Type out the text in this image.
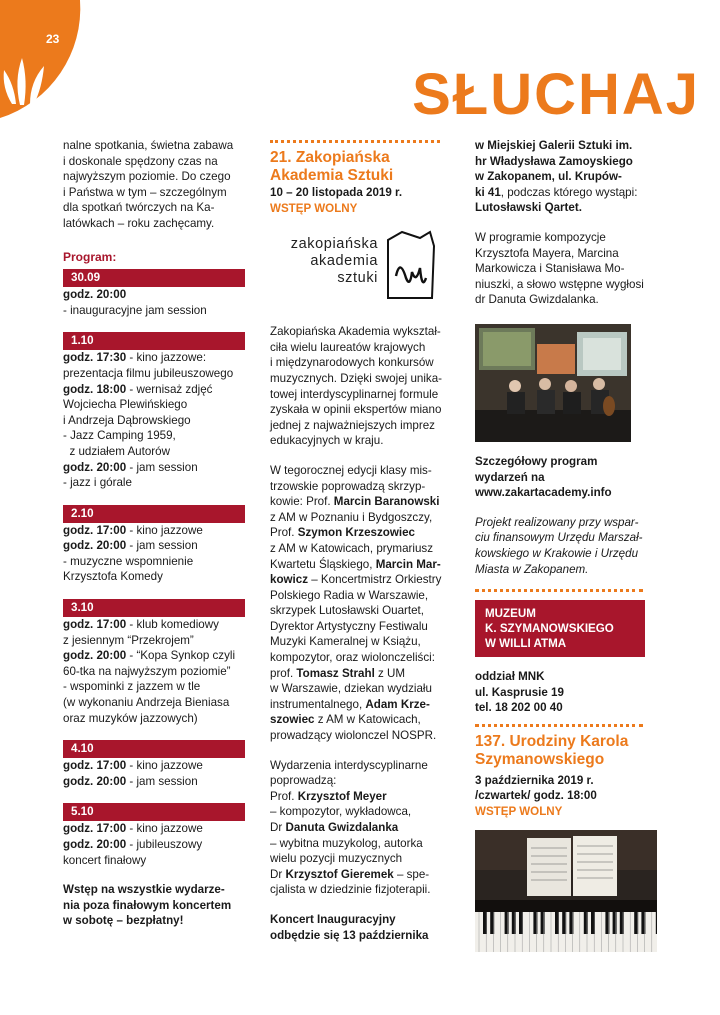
23
SŁUCHAJ
nalne spotkania, świetna zabawa
i doskonale spędzony czas na
najwyższym poziomie. Do czego
i Państwa w tym – szczególnym
dla spotkań twórczych na Ka-
latówkach – roku zachęcamy.
Program:
30.09
godz. 20:00
- inauguracyjne jam session
1.10
godz. 17:30 - kino jazzowe:
prezentacja filmu jubileuszowego
godz. 18:00 - wernisaż zdjęć
Wojciecha Plewińskiego
i Andrzeja Dąbrowskiego
- Jazz Camping 1959,
z udziałem Autorów
godz. 20:00 - jam session
- jazz i górale
2.10
godz. 17:00 - kino jazzowe
godz. 20:00 - jam session
- muzyczne wspomnienie
Krzysztofa Komedy
3.10
godz. 17:00 - klub komediowy
z jesiennym “Przekrojem”
godz. 20:00 - “Kopa Synkop czyli
60-tka na najwyższym poziomie”
- wspominki z jazzem w tle
(w wykonaniu Andrzeja Bieniasa
oraz muzyków jazzowych)
4.10
godz. 17:00 - kino jazzowe
godz. 20:00 - jam session
5.10
godz. 17:00 - kino jazzowe
godz. 20:00 - jubileuszowy
koncert finałowy
Wstęp na wszystkie wydarze-
nia poza finałowym koncertem
w sobotę – bezpłatny!
21. Zakopiańska
Akademia Sztuki
10 – 20 listopada 2019 r.
WSTĘP WOLNY
zakopiańska
akademia
sztuki
Zakopiańska Akademia wykształ-
ciła wielu laureatów krajowych
i międzynarodowych konkursów
muzycznych. Dzięki swojej unika-
towej interdyscyplinarnej formule
zyskała w opinii ekspertów miano
jednej z najważniejszych imprez
edukacyjnych w kraju.
W tegorocznej edycji klasy mis-
trzowskie poprowadzą skrzyp-
kowie: Prof. Marcin Baranowski
z AM w Poznaniu i Bydgoszczy,
Prof. Szymon Krzeszowiec
z AM w Katowicach, prymariusz
Kwartetu Śląskiego, Marcin Mar-
kowicz – Koncertmistrz Orkiestry
Polskiego Radia w Warszawie,
skrzypek Lutosławski Ouartet,
Dyrektor Artystyczny Festiwalu
Muzyki Kameralnej w Książu,
kompozytor, oraz wiolonczeliści:
prof. Tomasz Strahl z UM
w Warszawie, dziekan wydziału
instrumentalnego, Adam Krze-
szowiec z AM w Katowicach,
prowadzący wiolonczel NOSPR.
Wydarzenia interdyscyplinarne
poprowadzą:
Prof. Krzysztof Meyer
– kompozytor, wykładowca,
Dr Danuta Gwizdalanka
– wybitna muzykolog, autorka
wielu pozycji muzycznych
Dr Krzysztof Gieremek – spe-
cjalista w dziedzinie fizjoterapii.
Koncert Inauguracyjny
odbędzie się 13 października
w Miejskiej Galerii Sztuki im.
hr Władysława Zamoyskiego
w Zakopanem, ul. Krupów-
ki 41, podczas którego wystąpi:
Lutosławski Qartet.
W programie kompozycje
Krzysztofa Mayera, Marcina
Markowicza i Stanisława Mo-
niuszki, a słowo wstępne wygłosi
dr Danuta Gwizdalanka.
Szczegółowy program
wydarzeń na
www.zakartacademy.info
Projekt realizowany przy wspar-
ciu finansowym Urzędu Marszał-
kowskiego w Krakowie i Urzędu
Miasta w Zakopanem.
MUZEUM
K. SZYMANOWSKIEGO
W WILLI ATMA
oddział MNK
ul. Kasprusie 19
tel. 18 202 00 40
137. Urodziny Karola
Szymanowskiego
3 października 2019 r.
/czwartek/ godz. 18:00
WSTĘP WOLNY
